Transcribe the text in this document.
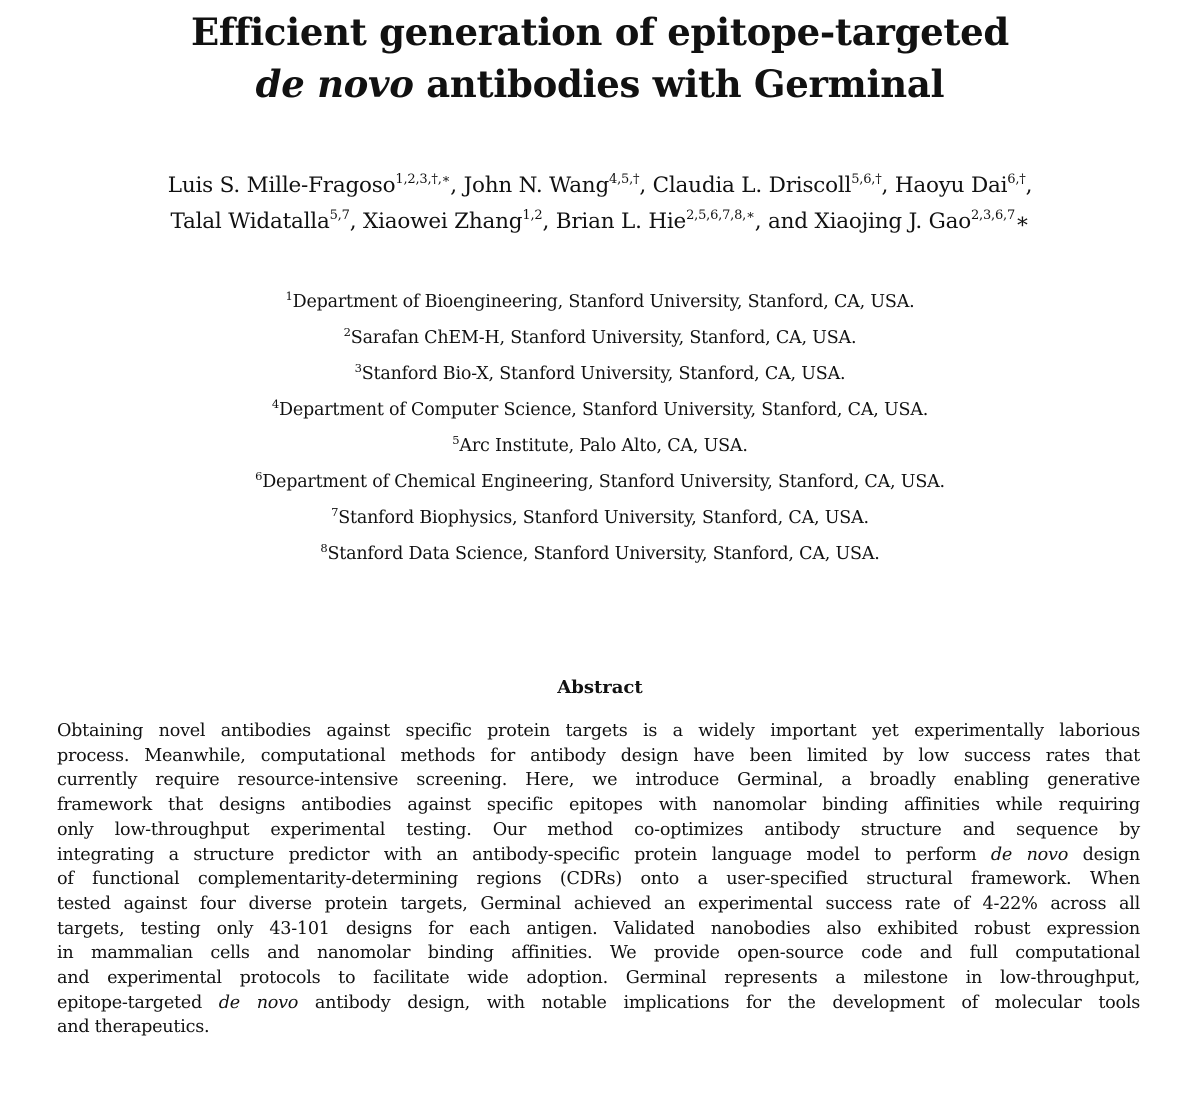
Efficient generation of epitope-targeted
de novo antibodies with Germinal
Luis S. Mille-Fragoso$^{1,2,3,\dagger,∗}$, John N. Wang$^{4,5,\dagger}$, Claudia L. Driscoll$^{5,6,\dagger}$, Haoyu Dai$^{6,\dagger}$,
Talal Widatalla$^{5,7}$, Xiaowei Zhang$^{1,2}$, Brian L. Hie$^{2,5,6,7,8,∗}$, and Xiaojing J. Gao$^{2,3,6,7}$∗
$^1$Department of Bioengineering, Stanford University, Stanford, CA, USA.
$^2$Sarafan ChEM-H, Stanford University, Stanford, CA, USA.
$^3$Stanford Bio-X, Stanford University, Stanford, CA, USA.
$^4$Department of Computer Science, Stanford University, Stanford, CA, USA.
$^5$Arc Institute, Palo Alto, CA, USA.
$^6$Department of Chemical Engineering, Stanford University, Stanford, CA, USA.
$^7$Stanford Biophysics, Stanford University, Stanford, CA, USA.
$^8$Stanford Data Science, Stanford University, Stanford, CA, USA.
Abstract
Obtaining novel antibodies against specific protein targets is a widely important yet experimentally laborious
process. Meanwhile, computational methods for antibody design have been limited by low success rates that
currently require resource-intensive screening. Here, we introduce Germinal, a broadly enabling generative
framework that designs antibodies against specific epitopes with nanomolar binding affinities while requiring
only low-throughput experimental testing. Our method co-optimizes antibody structure and sequence by
integrating a structure predictor with an antibody-specific protein language model to perform de novo design
of functional complementarity-determining regions (CDRs) onto a user-specified structural framework. When
tested against four diverse protein targets, Germinal achieved an experimental success rate of 4-22% across all
targets, testing only 43-101 designs for each antigen. Validated nanobodies also exhibited robust expression
in mammalian cells and nanomolar binding affinities. We provide open-source code and full computational
and experimental protocols to facilitate wide adoption. Germinal represents a milestone in low-throughput,
epitope-targeted de novo antibody design, with notable implications for the development of molecular tools
and therapeutics.
